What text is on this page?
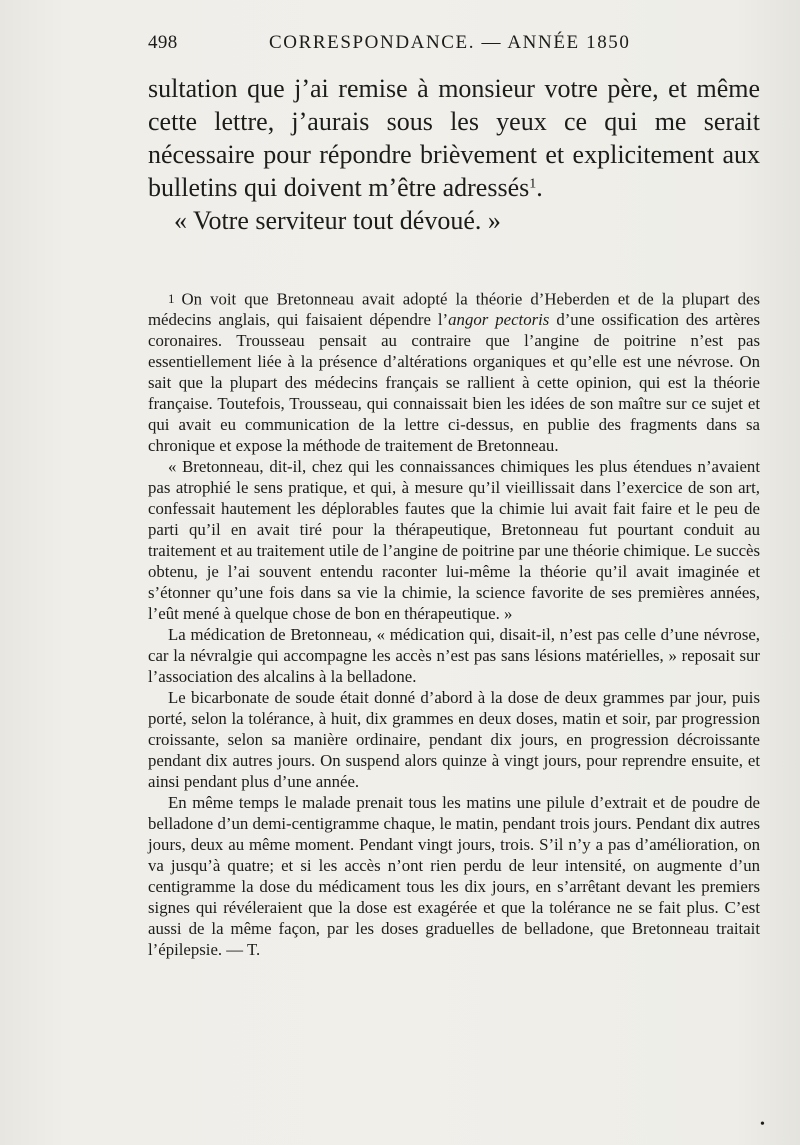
498	CORRESPONDANCE. — ANNÉE 1850

sultation que j’ai remise à monsieur votre père, et même cette lettre, j’aurais sous les yeux ce qui me serait nécessaire pour répondre brièvement et explicitement aux bulletins qui doivent m’être adressés$^1$.

« Votre serviteur tout dévoué. »

1 On voit que Bretonneau avait adopté la théorie d’Heberden et de la plupart des médecins anglais, qui faisaient dépendre l’angor pectoris d’une ossification des artères coronaires. Trousseau pensait au contraire que l’angine de poitrine n’est pas essentiellement liée à la présence d’altérations organiques et qu’elle est une névrose. On sait que la plupart des médecins français se rallient à cette opinion, qui est la théorie française. Toutefois, Trousseau, qui connaissait bien les idées de son maître sur ce sujet et qui avait eu communication de la lettre ci-dessus, en publie des fragments dans sa chronique et expose la méthode de traitement de Bretonneau.

« Bretonneau, dit-il, chez qui les connaissances chimiques les plus étendues n’avaient pas atrophié le sens pratique, et qui, à mesure qu’il vieillissait dans l’exercice de son art, confessait hautement les déplorables fautes que la chimie lui avait fait faire et le peu de parti qu’il en avait tiré pour la thérapeutique, Bretonneau fut pourtant conduit au traitement et au traitement utile de l’angine de poitrine par une théorie chimique. Le succès obtenu, je l’ai souvent entendu raconter lui-même la théorie qu’il avait imaginée et s’étonner qu’une fois dans sa vie la chimie, la science favorite de ses premières années, l’eût mené à quelque chose de bon en thérapeutique. »

La médication de Bretonneau, « médication qui, disait-il, n’est pas celle d’une névrose, car la névralgie qui accompagne les accès n’est pas sans lésions matérielles, » reposait sur l’association des alcalins à la belladone.

Le bicarbonate de soude était donné d’abord à la dose de deux grammes par jour, puis porté, selon la tolérance, à huit, dix grammes en deux doses, matin et soir, par progression croissante, selon sa manière ordinaire, pendant dix jours, en progression décroissante pendant dix autres jours. On suspend alors quinze à vingt jours, pour reprendre ensuite, et ainsi pendant plus d’une année.

En même temps le malade prenait tous les matins une pilule d’extrait et de poudre de belladone d’un demi-centigramme chaque, le matin, pendant trois jours. Pendant dix autres jours, deux au même moment. Pendant vingt jours, trois. S’il n’y a pas d’amélioration, on va jusqu’à quatre; et si les accès n’ont rien perdu de leur intensité, on augmente d’un centigramme la dose du médicament tous les dix jours, en s’arrêtant devant les premiers signes qui révéleraient que la dose est exagérée et que la tolérance ne se fait plus. C’est aussi de la même façon, par les doses graduelles de belladone, que Bretonneau traitait l’épilepsie. — T.

•
